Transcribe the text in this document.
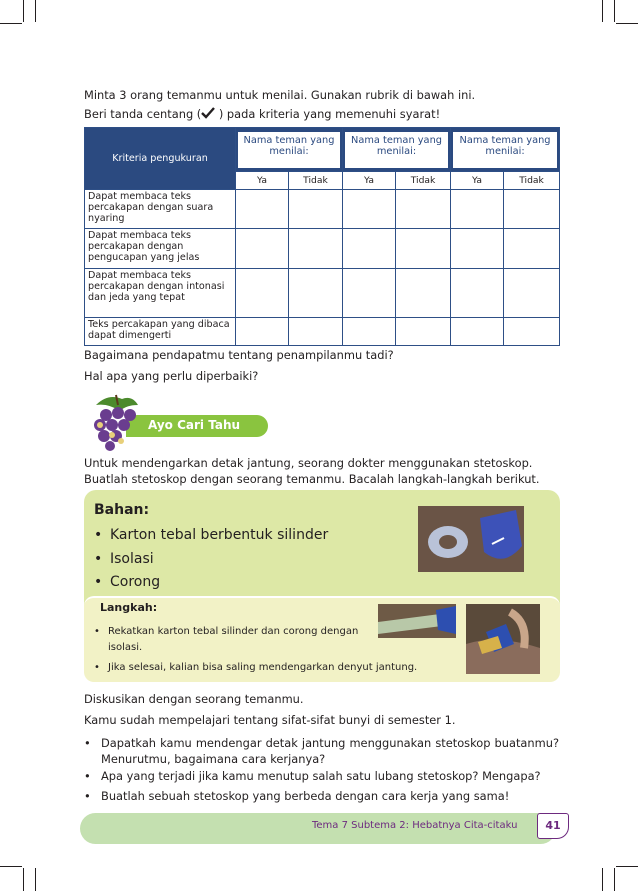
Minta 3 orang temanmu untuk menilai. Gunakan rubrik di bawah ini.
Beri tanda centang ( ) pada kriteria yang memenuhi syarat!
Kriteria pengukuran	Nama teman yang menilai:		Nama teman yang menilai:		Nama teman yang menilai:	

	Ya	Tidak	Ya	Tidak	Ya	Tidak
Dapat membaca teks percakapan dengan suara nyaring						
Dapat membaca teks percakapan dengan pengucapan yang jelas						
Dapat membaca teks percakapan dengan intonasi dan jeda yang tepat						
Teks percakapan yang dibaca dapat dimengerti						
Bagaimana pendapatmu tentang penampilanmu tadi?
Hal apa yang perlu diperbaiki?
Ayo Cari Tahu
Untuk mendengarkan detak jantung, seorang dokter menggunakan stetoskop.
Buatlah stetoskop dengan seorang temanmu. Bacalah langkah-langkah berikut.
Bahan:
• Karton tebal berbentuk silinder
• Isolasi
• Corong
Langkah:
• Rekatkan karton tebal silinder dan corong dengan isolasi.
• Jika selesai, kalian bisa saling mendengarkan denyut jantung.
Diskusikan dengan seorang temanmu.
Kamu sudah mempelajari tentang sifat-sifat bunyi di semester 1.
• Dapatkah kamu mendengar detak jantung menggunakan stetoskop buatanmu? Menurutmu, bagaimana cara kerjanya?
• Apa yang terjadi jika kamu menutup salah satu lubang stetoskop? Mengapa?
• Buatlah sebuah stetoskop yang berbeda dengan cara kerja yang sama!
Tema 7 Subtema 2: Hebatnya Cita-citaku	41
